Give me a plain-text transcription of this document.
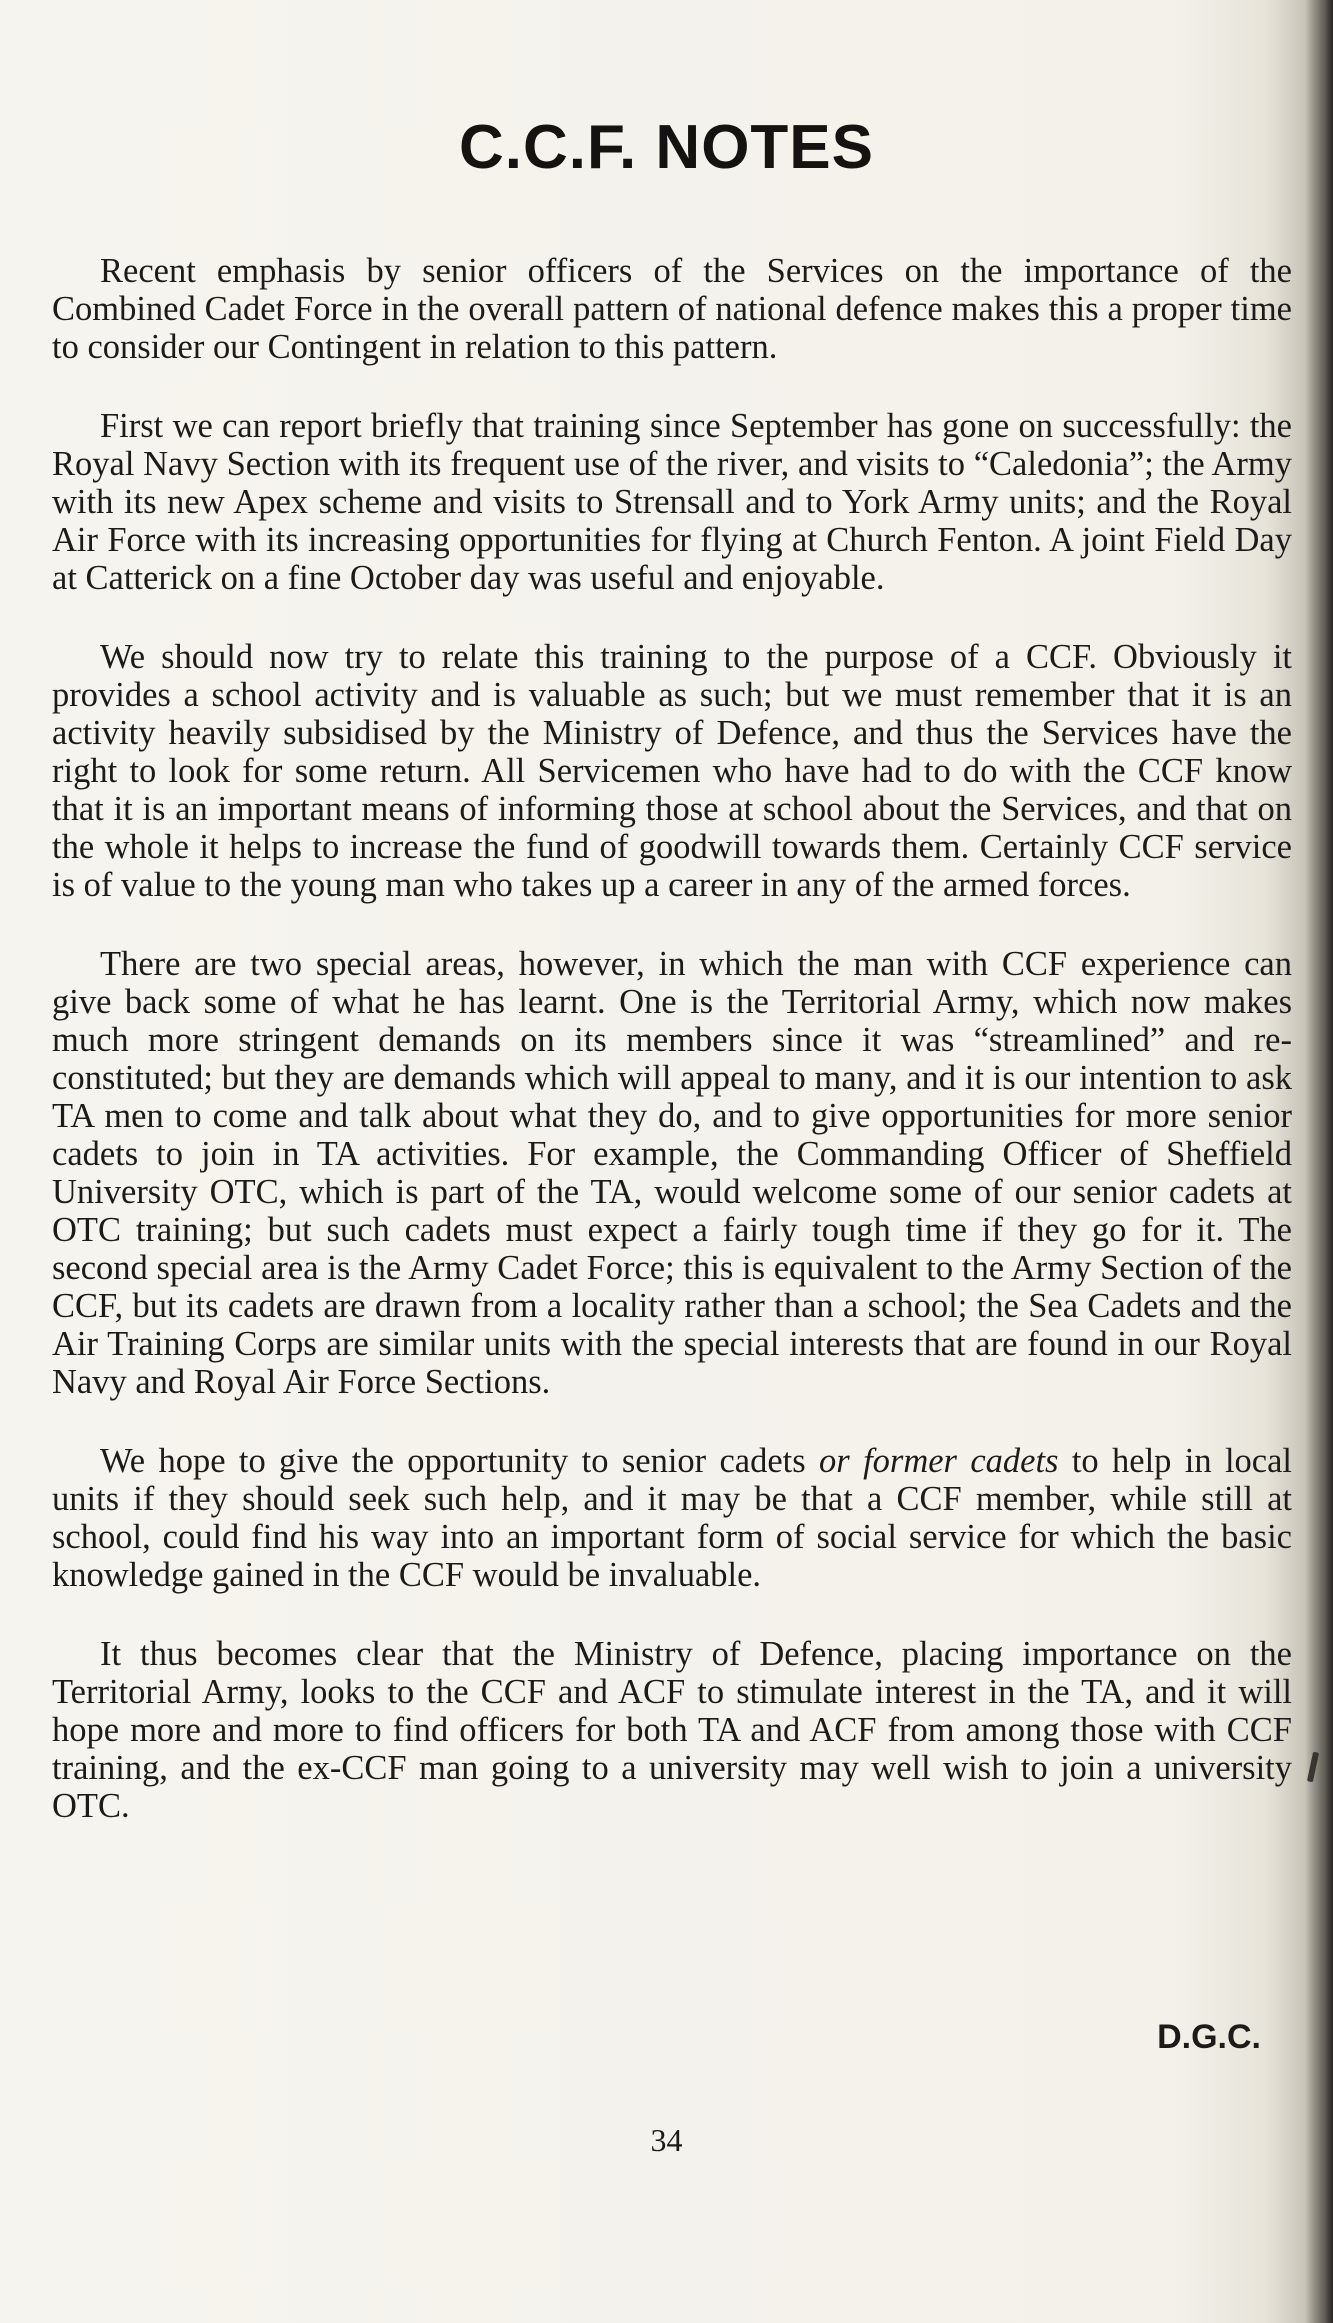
C.C.F. NOTES

Recent emphasis by senior officers of the Services on the importance of the Combined Cadet Force in the overall pattern of national defence makes this a proper time to consider our Contingent in relation to this pattern.

First we can report briefly that training since September has gone on successfully: the Royal Navy Section with its frequent use of the river, and visits to “Caledonia”; the Army with its new Apex scheme and visits to Strensall and to York Army units; and the Royal Air Force with its increasing opportunities for flying at Church Fenton. A joint Field Day at Catterick on a fine October day was useful and enjoyable.

We should now try to relate this training to the purpose of a CCF. Obviously it provides a school activity and is valuable as such; but we must remember that it is an activity heavily subsidised by the Ministry of Defence, and thus the Services have the right to look for some return. All Servicemen who have had to do with the CCF know that it is an important means of informing those at school about the Services, and that on the whole it helps to increase the fund of goodwill towards them. Certainly CCF service is of value to the young man who takes up a career in any of the armed forces.

There are two special areas, however, in which the man with CCF experience can give back some of what he has learnt. One is the Territorial Army, which now makes much more stringent demands on its members since it was “streamlined” and re-constituted; but they are demands which will appeal to many, and it is our intention to ask TA men to come and talk about what they do, and to give opportunities for more senior cadets to join in TA activities. For example, the Commanding Officer of Sheffield University OTC, which is part of the TA, would welcome some of our senior cadets at OTC training; but such cadets must expect a fairly tough time if they go for it. The second special area is the Army Cadet Force; this is equivalent to the Army Section of the CCF, but its cadets are drawn from a locality rather than a school; the Sea Cadets and the Air Training Corps are similar units with the special interests that are found in our Royal Navy and Royal Air Force Sections.

We hope to give the opportunity to senior cadets or former cadets to help in local units if they should seek such help, and it may be that a CCF member, while still at school, could find his way into an important form of social service for which the basic knowledge gained in the CCF would be invaluable.

It thus becomes clear that the Ministry of Defence, placing importance on the Territorial Army, looks to the CCF and ACF to stimulate interest in the TA, and it will hope more and more to find officers for both TA and ACF from among those with CCF training, and the ex-CCF man going to a university may well wish to join a university OTC.

D.G.C.
34
